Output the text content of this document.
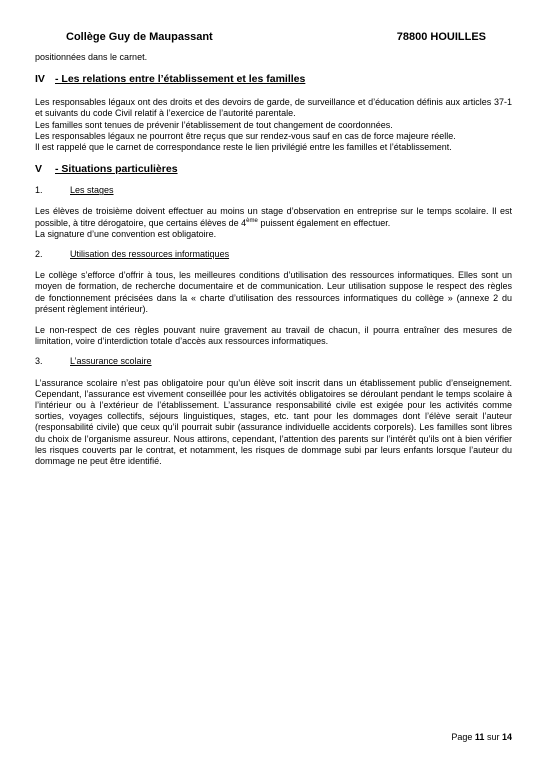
Collège Guy de Maupassant	78800 HOUILLES

positionnées dans le carnet.

IV - Les relations entre l’établissement et les familles

Les responsables légaux ont des droits et des devoirs de garde, de surveillance et d’éducation définis aux articles 37-1 et suivants du code Civil relatif à l’exercice de l’autorité parentale.

Les familles sont tenues de prévenir l’établissement de tout changement de coordonnées.

Les responsables légaux ne pourront être reçus que sur rendez-vous sauf en cas de force majeure réelle.

Il est rappelé que le carnet de correspondance reste le lien privilégié entre les familles et l’établissement.

V - Situations particulières
1.	Les stages

Les élèves de troisième doivent effectuer au moins un stage d’observation en entreprise sur le temps scolaire. Il est possible, à titre dérogatoire, que certains élèves de 4ème puissent également en effectuer.

La signature d’une convention est obligatoire.

2.	Utilisation des ressources informatiques

Le collège s’efforce d’offrir à tous, les meilleures conditions d’utilisation des ressources informatiques. Elles sont un moyen de formation, de recherche documentaire et de communication. Leur utilisation suppose le respect des règles de fonctionnement précisées dans la « charte d’utilisation des ressources informatiques du collège » (annexe 2 du présent règlement intérieur).

Le non-respect de ces règles pouvant nuire gravement au travail de chacun, il pourra entraîner des mesures de limitation, voire d’interdiction totale d’accès aux ressources informatiques.

3.	L’assurance scolaire

L’assurance scolaire n’est pas obligatoire pour qu’un élève soit inscrit dans un établissement public d’enseignement. Cependant, l’assurance est vivement conseillée pour les activités obligatoires se déroulant pendant le temps scolaire à l’intérieur ou à l’extérieur de l’établissement. L’assurance responsabilité civile est exigée pour les activités comme sorties, voyages collectifs, séjours linguistiques, stages, etc. tant pour les dommages dont l’élève serait l’auteur (responsabilité civile) que ceux qu’il pourrait subir (assurance individuelle accidents corporels). Les familles sont libres du choix de l’organisme assureur. Nous attirons, cependant, l’attention des parents sur l’intérêt qu’ils ont à bien vérifier les risques couverts par le contrat, et notamment, les risques de dommage subi par leurs enfants lorsque l’auteur du dommage ne peut être identifié.

Page 11 sur 14
